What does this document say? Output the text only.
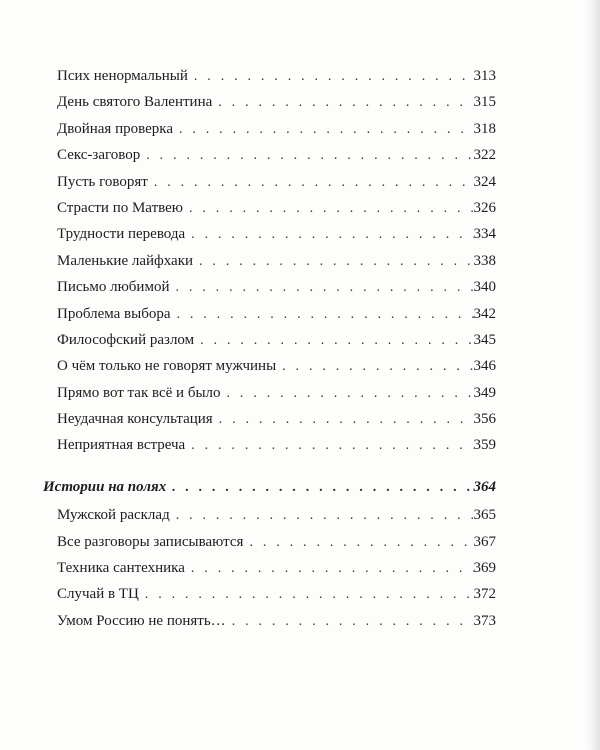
Псих ненормальный . . .	313
День святого Валентина . . .	315
Двойная проверка . . .	318
Секс-заговор . . .	322
Пусть говорят . . .	324
Страсти по Матвею . . .	326
Трудности перевода . . .	334
Маленькие лайфхаки . . .	338
Письмо любимой . . .	340
Проблема выбора . . .	342
Философский разлом . . .	345
О чём только не говорят мужчины . . .	346
Прямо вот так всё и было . . .	349
Неудачная консультация . . .	356
Неприятная встреча . . .	359
Истории на полях . . .	364
Мужской расклад . . .	365
Все разговоры записываются . . .	367
Техника сантехника . . .	369
Случай в ТЦ . . .	372
Умом Россию не понять… . . .	373
